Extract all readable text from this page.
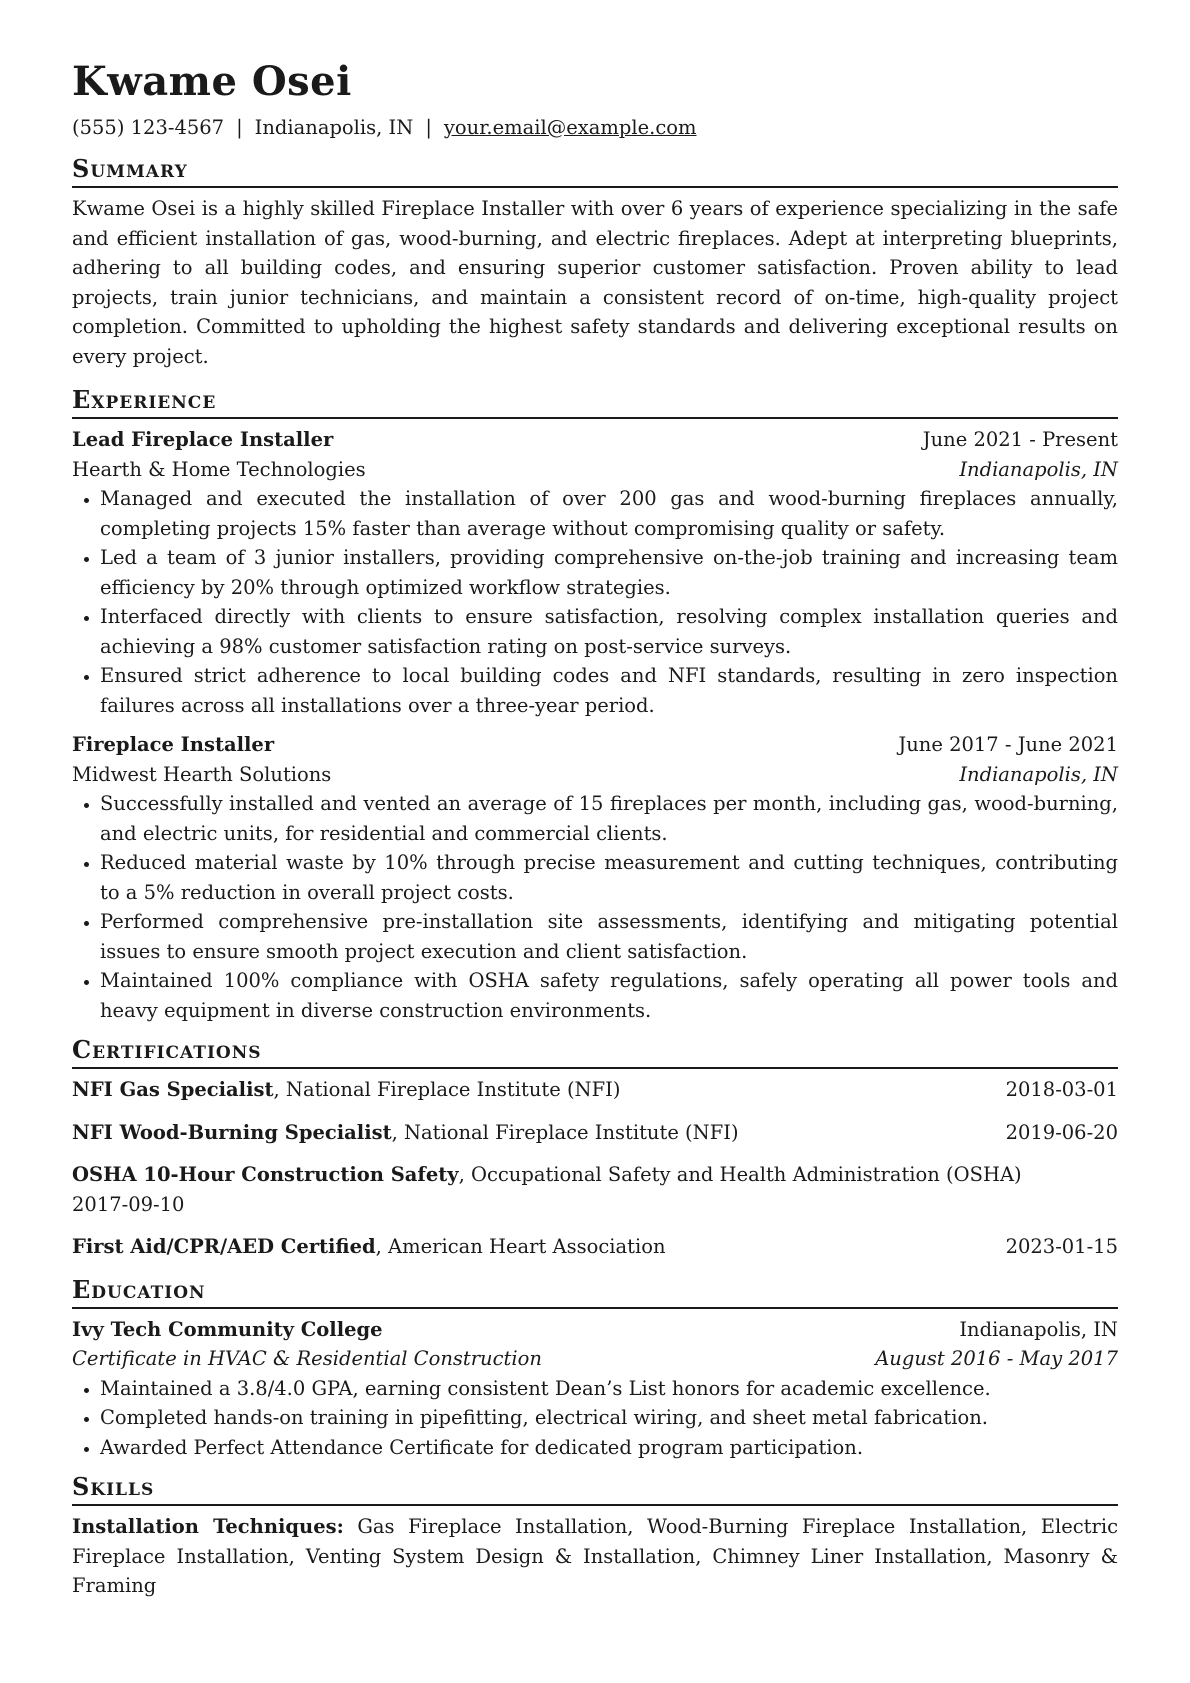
Kwame Osei
(555) 123-4567 | Indianapolis, IN | your.email@example.com
Summary

Kwame Osei is a highly skilled Fireplace Installer with over 6 years of experience specializing in the safe and efficient installation of gas, wood-burning, and electric fireplaces. Adept at interpreting blueprints, adhering to all building codes, and ensuring superior customer satisfaction. Proven ability to lead projects, train junior technicians, and maintain a consistent record of on-time, high-quality project completion. Committed to upholding the highest safety standards and delivering exceptional results on every project.

Experience
Lead Fireplace Installer	June 2021 - Present
Hearth & Home Technologies	Indianapolis, IN
• Managed and executed the installation of over 200 gas and wood-burning fireplaces annually, completing projects 15% faster than average without compromising quality or safety.
• Led a team of 3 junior installers, providing comprehensive on-the-job training and increasing team efficiency by 20% through optimized workflow strategies.
• Interfaced directly with clients to ensure satisfaction, resolving complex installation queries and achieving a 98% customer satisfaction rating on post-service surveys.
• Ensured strict adherence to local building codes and NFI standards, resulting in zero inspection failures across all installations over a three-year period.
Fireplace Installer	June 2017 - June 2021
Midwest Hearth Solutions	Indianapolis, IN
• Successfully installed and vented an average of 15 fireplaces per month, including gas, wood-burning, and electric units, for residential and commercial clients.
• Reduced material waste by 10% through precise measurement and cutting techniques, contributing to a 5% reduction in overall project costs.
• Performed comprehensive pre-installation site assessments, identifying and mitigating potential issues to ensure smooth project execution and client satisfaction.
• Maintained 100% compliance with OSHA safety regulations, safely operating all power tools and heavy equipment in diverse construction environments.
Certifications
NFI Gas Specialist, National Fireplace Institute (NFI)	2018-03-01
NFI Wood-Burning Specialist, National Fireplace Institute (NFI)	2019-06-20
OSHA 10-Hour Construction Safety, Occupational Safety and Health Administration (OSHA)
2017-09-10
First Aid/CPR/AED Certified, American Heart Association	2023-01-15
Education
Ivy Tech Community College	Indianapolis, IN
Certificate in HVAC & Residential Construction	August 2016 - May 2017
• Maintained a 3.8/4.0 GPA, earning consistent Dean’s List honors for academic excellence.
• Completed hands-on training in pipefitting, electrical wiring, and sheet metal fabrication.
• Awarded Perfect Attendance Certificate for dedicated program participation.
Skills

Installation Techniques: Gas Fireplace Installation, Wood-Burning Fireplace Installation, Electric Fireplace Installation, Venting System Design & Installation, Chimney Liner Installation, Masonry & Framing
